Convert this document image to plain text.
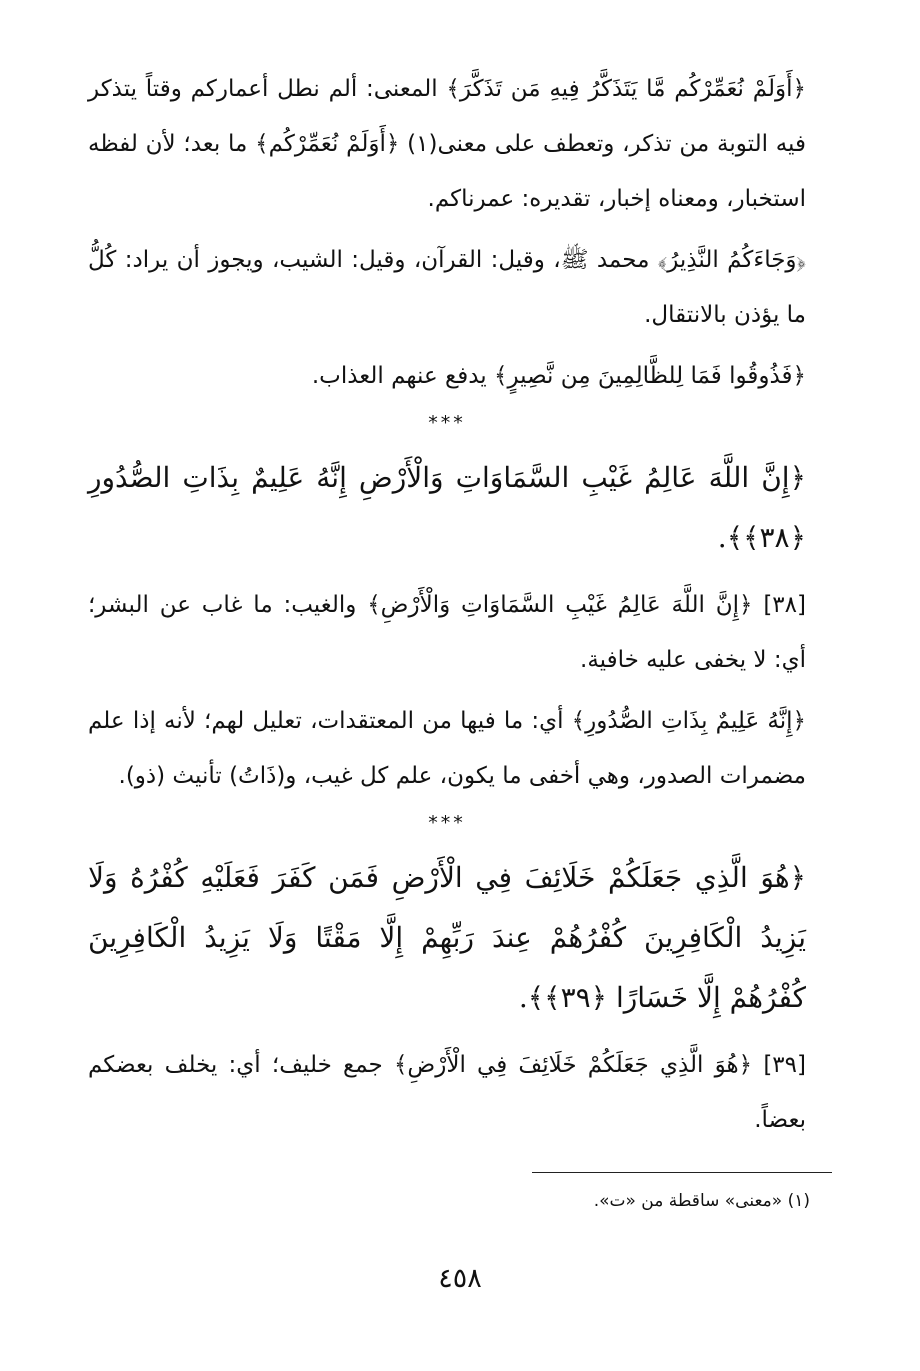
﴿أَوَلَمْ نُعَمِّرْكُم مَّا يَتَذَكَّرُ فِيهِ مَن تَذَكَّرَ﴾ المعنى: ألم نطل أعماركم وقتاً يتذكر فيه التوبة من تذكر، وتعطف على معنى(١) ﴿أَوَلَمْ نُعَمِّرْكُم﴾ ما بعد؛ لأن لفظه استخبار، ومعناه إخبار، تقديره: عمرناكم.

﴿وَجَاءَكُمُ النَّذِيرُ﴾ محمد ﷺ، وقيل: القرآن، وقيل: الشيب، ويجوز أن يراد: كُلُّ ما يؤذن بالانتقال.

﴿فَذُوقُوا فَمَا لِلظَّالِمِينَ مِن نَّصِيرٍ﴾ يدفع عنهم العذاب.

***

﴿إِنَّ اللَّهَ عَالِمُ غَيْبِ السَّمَاوَاتِ وَالْأَرْضِ إِنَّهُ عَلِيمٌ بِذَاتِ الصُّدُورِ ﴿٣٨﴾﴾.

[٣٨] ﴿إِنَّ اللَّهَ عَالِمُ غَيْبِ السَّمَاوَاتِ وَالْأَرْضِ﴾ والغيب: ما غاب عن البشر؛ أي: لا يخفى عليه خافية.

﴿إِنَّهُ عَلِيمٌ بِذَاتِ الصُّدُورِ﴾ أي: ما فيها من المعتقدات، تعليل لهم؛ لأنه إذا علم مضمرات الصدور، وهي أخفى ما يكون، علم كل غيب، و(ذَاتُ) تأنيث (ذو).

***

﴿هُوَ الَّذِي جَعَلَكُمْ خَلَائِفَ فِي الْأَرْضِ فَمَن كَفَرَ فَعَلَيْهِ كُفْرُهُ وَلَا يَزِيدُ الْكَافِرِينَ كُفْرُهُمْ عِندَ رَبِّهِمْ إِلَّا مَقْتًا وَلَا يَزِيدُ الْكَافِرِينَ كُفْرُهُمْ إِلَّا خَسَارًا ﴿٣٩﴾﴾.

[٣٩] ﴿هُوَ الَّذِي جَعَلَكُمْ خَلَائِفَ فِي الْأَرْضِ﴾ جمع خليف؛ أي: يخلف بعضكم بعضاً.

(١) «معنى» ساقطة من «ت».
٤٥٨
